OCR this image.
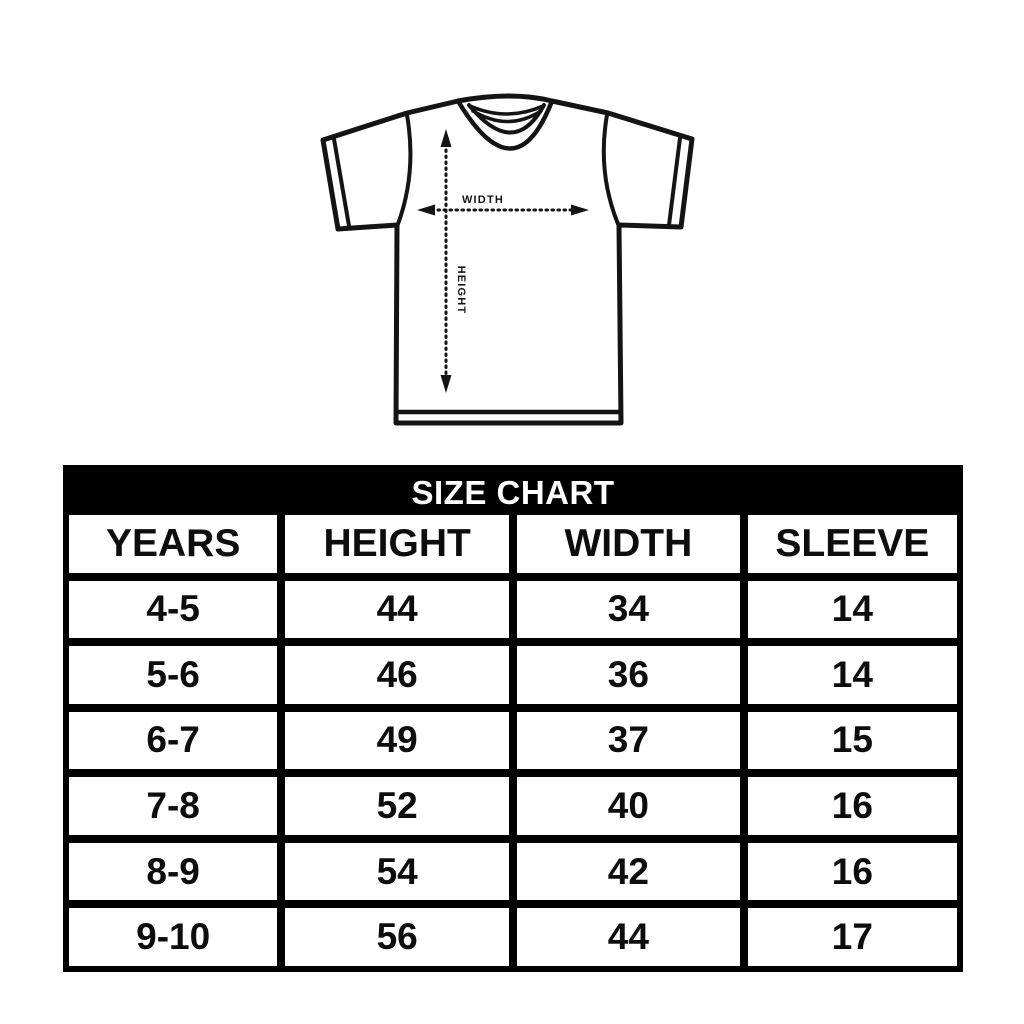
WIDTH
HEIGHT
SIZE CHART
YEARS	HEIGHT	WIDTH	SLEEVE
4-5	44	34	14
5-6	46	36	14
6-7	49	37	15
7-8	52	40	16
8-9	54	42	16
9-10	56	44	17
